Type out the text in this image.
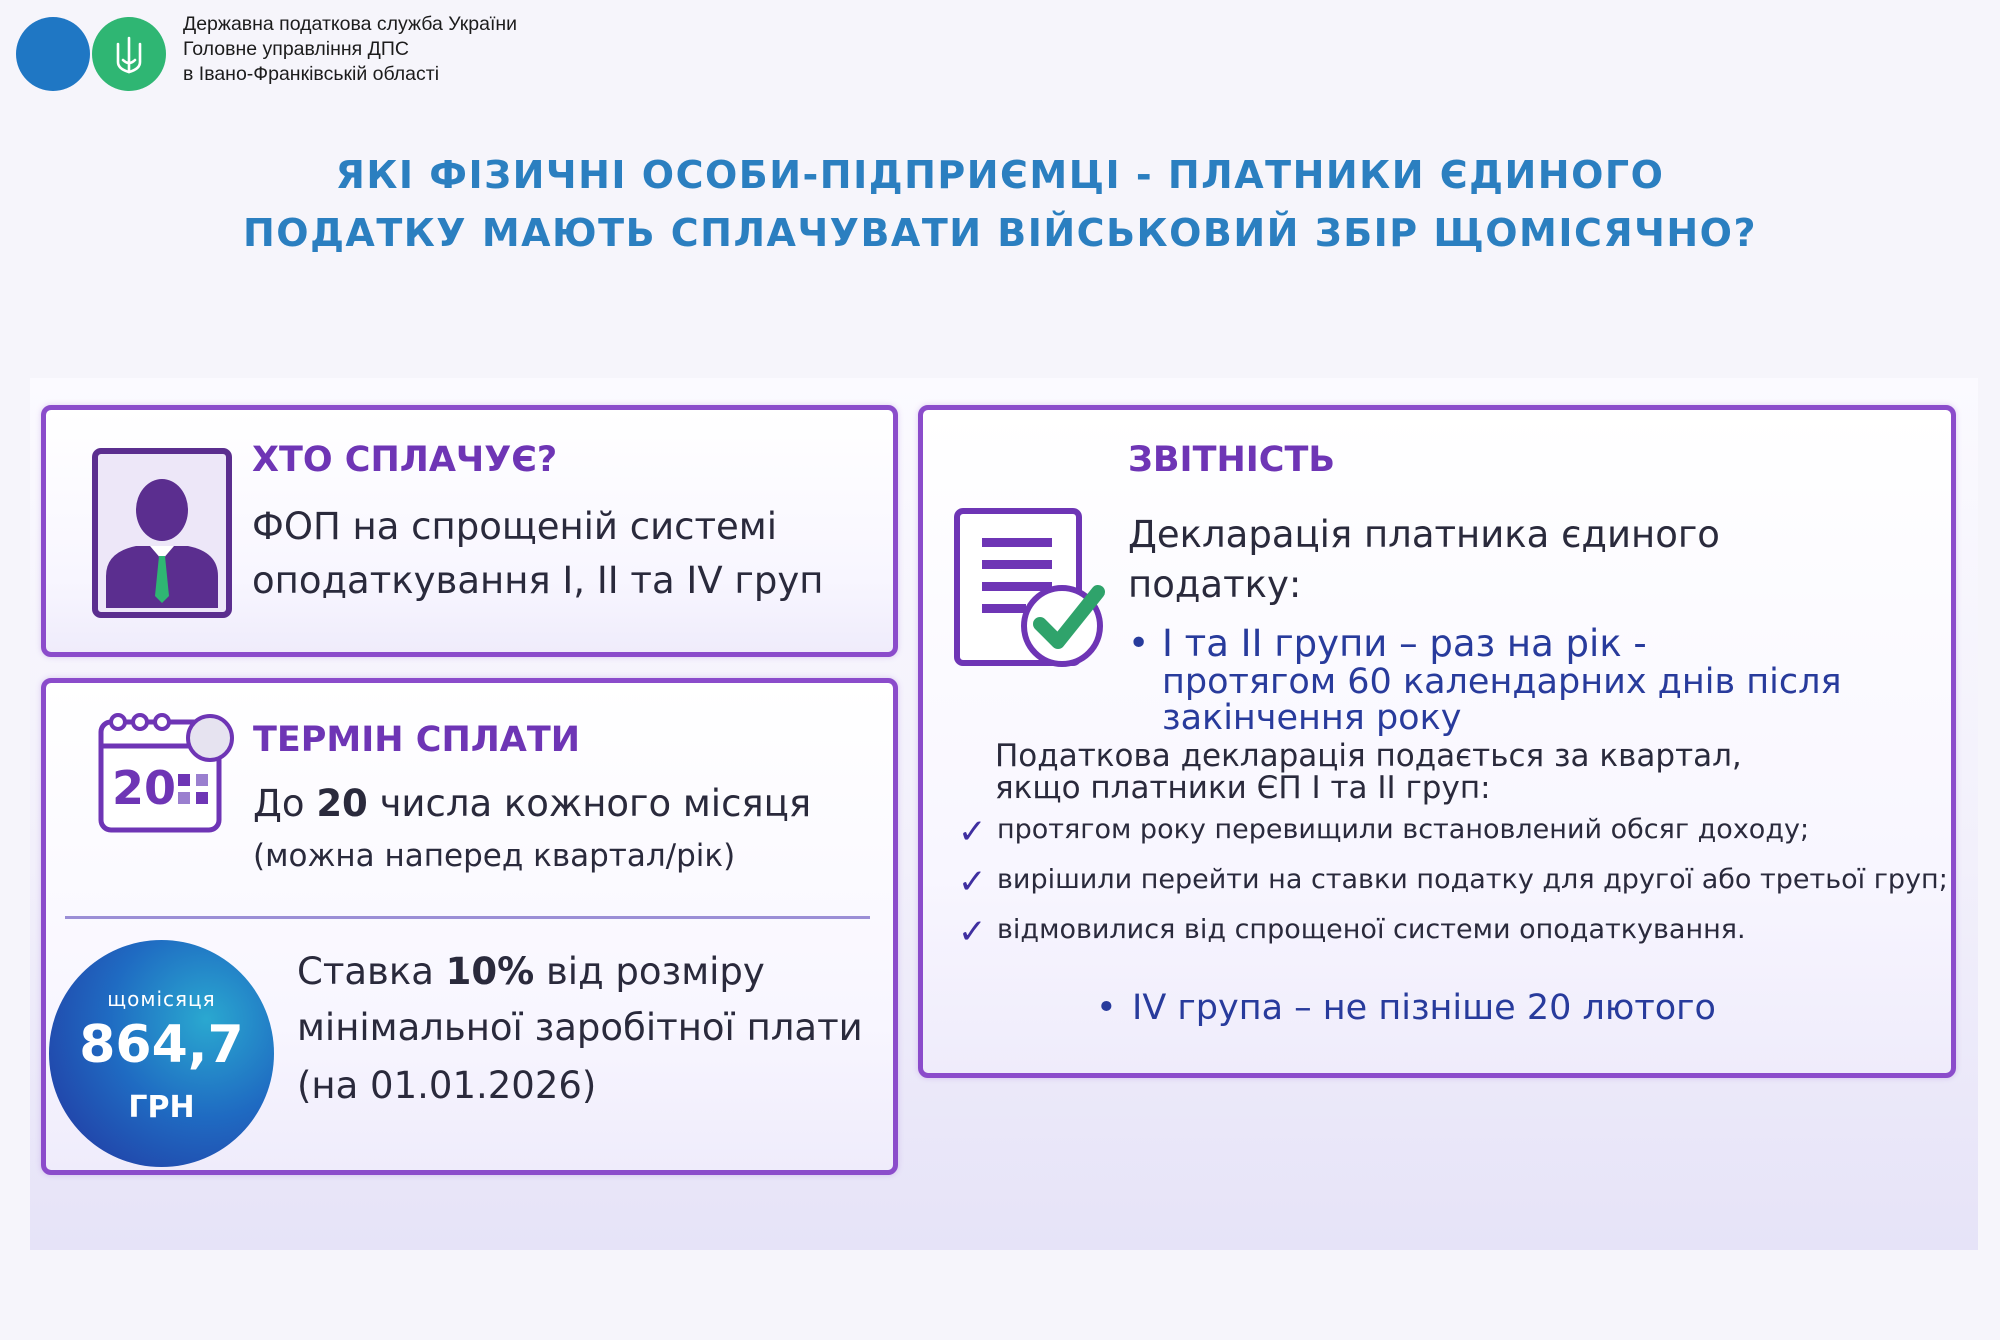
Державна податкова служба України
Головне управління ДПС
в Івано-Франківській області
ЯКІ ФІЗИЧНІ ОСОБИ-ПІДПРИЄМЦІ - ПЛАТНИКИ ЄДИНОГО
ПОДАТКУ МАЮТЬ СПЛАЧУВАТИ ВІЙСЬКОВИЙ ЗБІР ЩОМІСЯЧНО?
ХТО СПЛАЧУЄ?
ФОП на спрощеній системі
оподаткування І, ІІ та IV груп
20
ТЕРМІН СПЛАТИ
До 20 числа кожного місяця
(можна наперед квартал/рік)
щомісяця
864,7
ГРН
Ставка 10% від розміру
мінімальної заробітної плати
(на 01.01.2026)
ЗВІТНІСТЬ
Декларація платника єдиного
податку:
• І та ІІ групи – раз на рік -
протягом 60 календарних днів після
закінчення року
Податкова декларація подається за квартал,
якщо платники ЄП І та ІІ груп:
✓ протягом року перевищили встановлений обсяг доходу;
✓ вирішили перейти на ставки податку для другої або третьої груп;
✓ відмовилися від спрощеної системи оподаткування.
• IV група – не пізніше 20 лютого
